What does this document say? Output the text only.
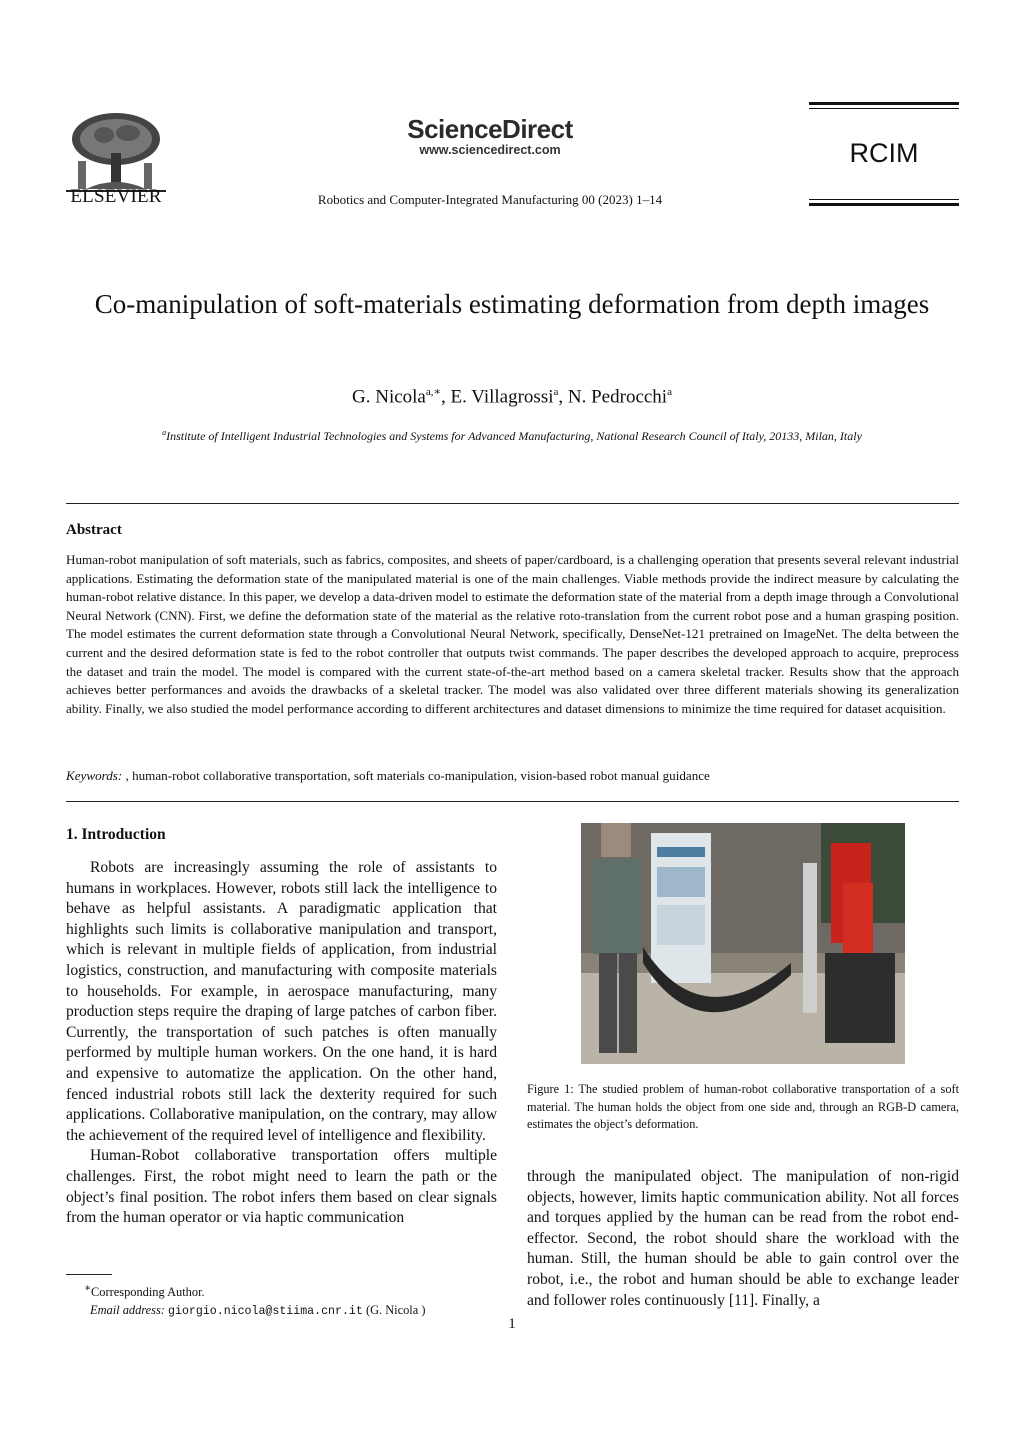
ELSEVIER
ScienceDirect
www.sciencedirect.com
Robotics and Computer-Integrated Manufacturing 00 (2023) 1–14
RCIM
Co-manipulation of soft-materials estimating deformation from depth images
G. Nicola$^{a,∗}$, E. Villagrossi$^a$, N. Pedrocchi$^a$
$^a$Institute of Intelligent Industrial Technologies and Systems for Advanced Manufacturing, National Research Council of Italy, 20133, Milan, Italy
Abstract
Human-robot manipulation of soft materials, such as fabrics, composites, and sheets of paper/cardboard, is a challenging operation that presents several relevant industrial applications. Estimating the deformation state of the manipulated material is one of the main challenges. Viable methods provide the indirect measure by calculating the human-robot relative distance. In this paper, we develop a data-driven model to estimate the deformation state of the material from a depth image through a Convolutional Neural Network (CNN). First, we define the deformation state of the material as the relative roto-translation from the current robot pose and a human grasping position. The model estimates the current deformation state through a Convolutional Neural Network, specifically, DenseNet-121 pretrained on ImageNet. The delta between the current and the desired deformation state is fed to the robot controller that outputs twist commands. The paper describes the developed approach to acquire, preprocess the dataset and train the model. The model is compared with the current state-of-the-art method based on a camera skeletal tracker. Results show that the approach achieves better performances and avoids the drawbacks of a skeletal tracker. The model was also validated over three different materials showing its generalization ability. Finally, we also studied the model performance according to different architectures and dataset dimensions to minimize the time required for dataset acquisition.
Keywords: , human-robot collaborative transportation, soft materials co-manipulation, vision-based robot manual guidance
1. Introduction

Robots are increasingly assuming the role of assistants to humans in workplaces. However, robots still lack the intelligence to behave as helpful assistants. A paradigmatic application that highlights such limits is collaborative manipulation and transport, which is relevant in multiple fields of application, from industrial logistics, construction, and manufacturing with composite materials to households. For example, in aerospace manufacturing, many production steps require the draping of large patches of carbon fiber. Currently, the transportation of such patches is often manually performed by multiple human workers. On the one hand, it is hard and expensive to automatize the application. On the other hand, fenced industrial robots still lack the dexterity required for such applications. Collaborative manipulation, on the contrary, may allow the achievement of the required level of intelligence and flexibility.

Human-Robot collaborative transportation offers multiple challenges. First, the robot might need to learn the path or the object’s final position. The robot infers them based on clear signals from the human operator or via haptic communication

Figure 1: The studied problem of human-robot collaborative transportation of a soft material. The human holds the object from one side and, through an RGB-D camera, estimates the object’s deformation.
through the manipulated object. The manipulation of non-rigid objects, however, limits haptic communication ability. Not all forces and torques applied by the human can be read from the robot end-effector. Second, the robot should share the workload with the human. Still, the human should be able to gain control over the robot, i.e., the robot and human should be able to exchange leader and follower roles continuously [11]. Finally, a
∗Corresponding Author.
Email address: giorgio.nicola@stiima.cnr.it (G. Nicola )
1
